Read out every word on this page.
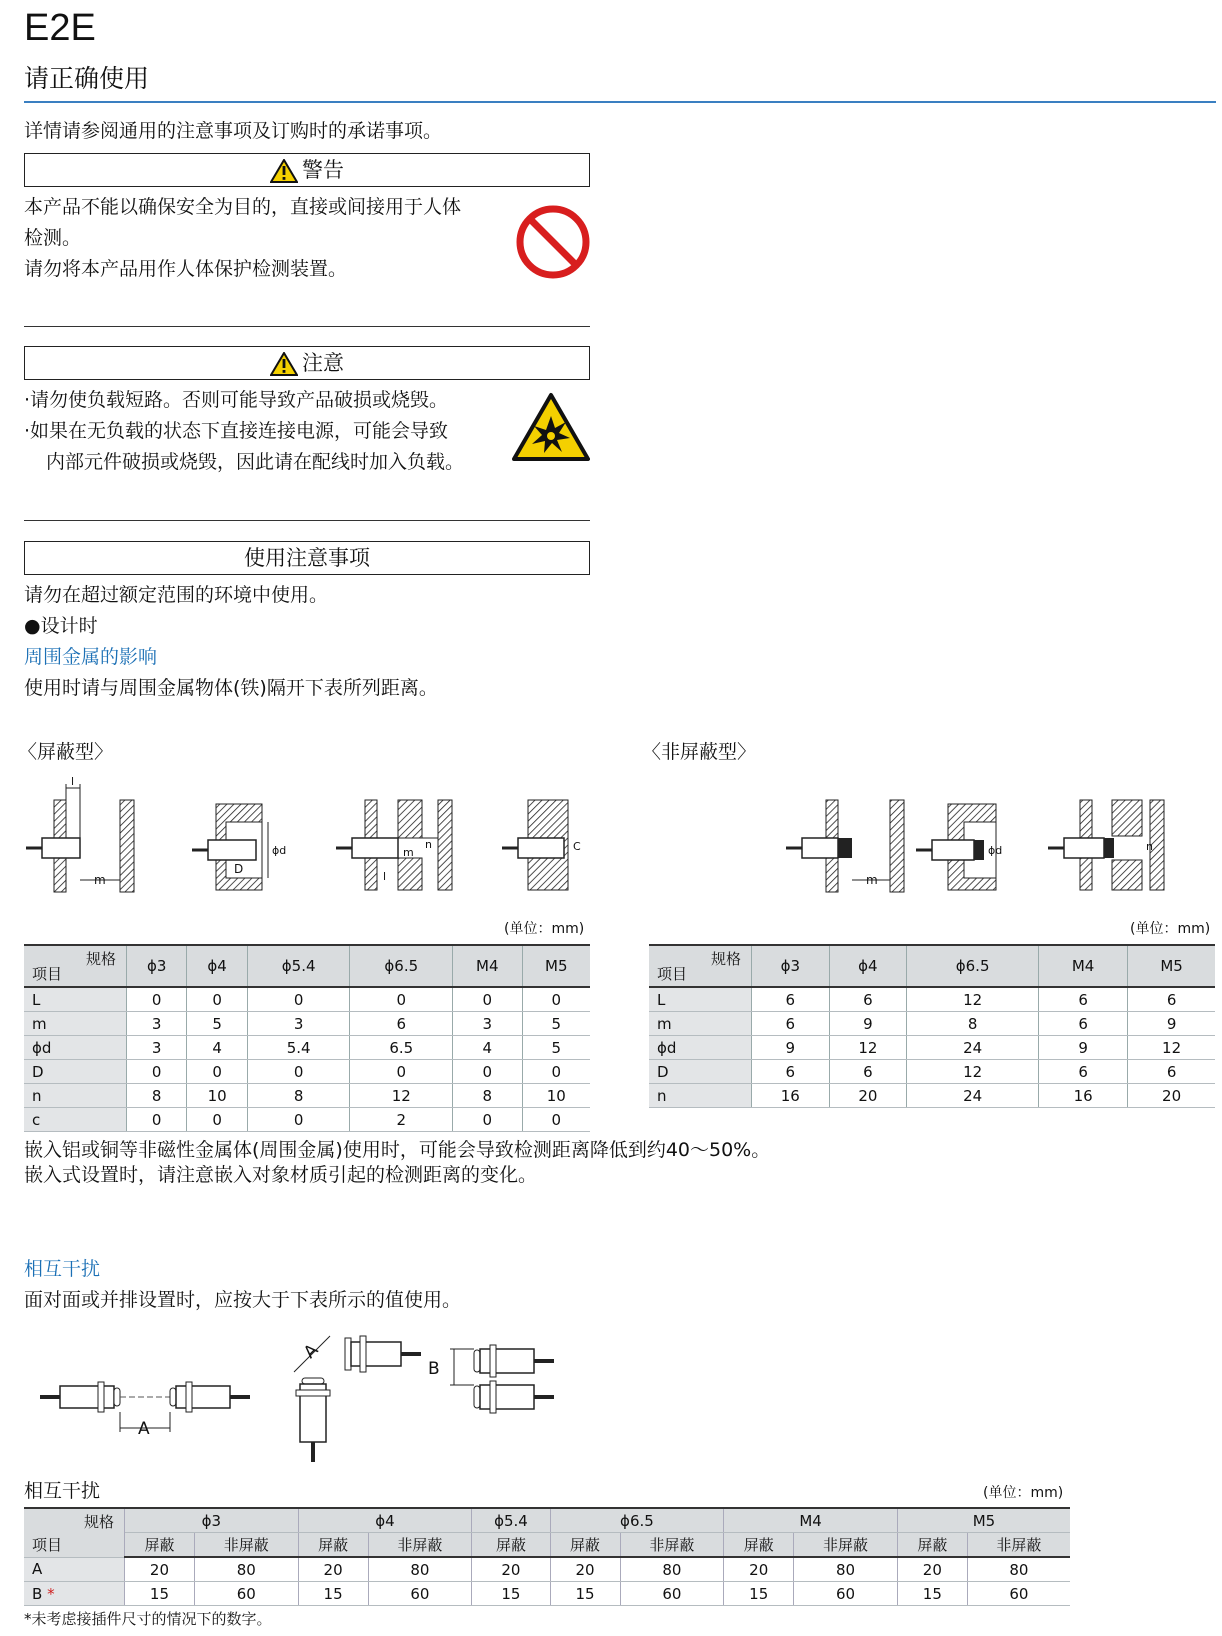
E2E
请正确使用
详情请参阅通用的注意事项及订购时的承诺事项。
警告
本产品不能以确保安全为目的，直接或间接用于人体
检测。
请勿将本产品用作人体保护检测装置。
注意
·请勿使负载短路。否则可能导致产品破损或烧毁。
·如果在无负载的状态下直接连接电源，可能会导致
内部元件破损或烧毁，因此请在配线时加入负载。
使用注意事项
请勿在超过额定范围的环境中使用。
●设计时
周围金属的影响
使用时请与周围金属物体(铁)隔开下表所列距离。
〈屏蔽型〉	〈非屏蔽型〉
l
m
ϕd
D
n
m
l
C
m
ϕd	n
(单位：mm)	(单位：mm)
规格
项目	ϕ3	ϕ4	ϕ5.4	ϕ6.5	M4	M5
L	0	0	0	0	0	0
m	3	5	3	6	3	5
ϕd	3	4	5.4	6.5	4	5
D	0	0	0	0	0	0
n	8	10	8	12	8	10
c	0	0	0	2	0	0
规格
项目	ϕ3	ϕ4	ϕ6.5	M4	M5
L	6	6	12	6	6
m	6	9	8	6	9
ϕd	9	12	24	9	12
D	6	6	12	6	6
n	16	20	24	16	20
嵌入铝或铜等非磁性金属体(周围金属)使用时，可能会导致检测距离降低到约40～50%。
嵌入式设置时，请注意嵌入对象材质引起的检测距离的变化。
相互干扰
面对面或并排设置时，应按大于下表所示的值使用。
A
A
B
相互干扰	(单位：mm)
规格
项目	ϕ3		ϕ4		ϕ5.4	ϕ6.5		M4		M5	
	屏蔽	非屏蔽	屏蔽	非屏蔽	屏蔽	屏蔽	非屏蔽	屏蔽	非屏蔽	屏蔽	非屏蔽
A	20	80	20	80	20	20	80	20	80	20	80
B *	15	60	15	60	15	15	60	15	60	15	60
*未考虑接插件尺寸的情况下的数字。
